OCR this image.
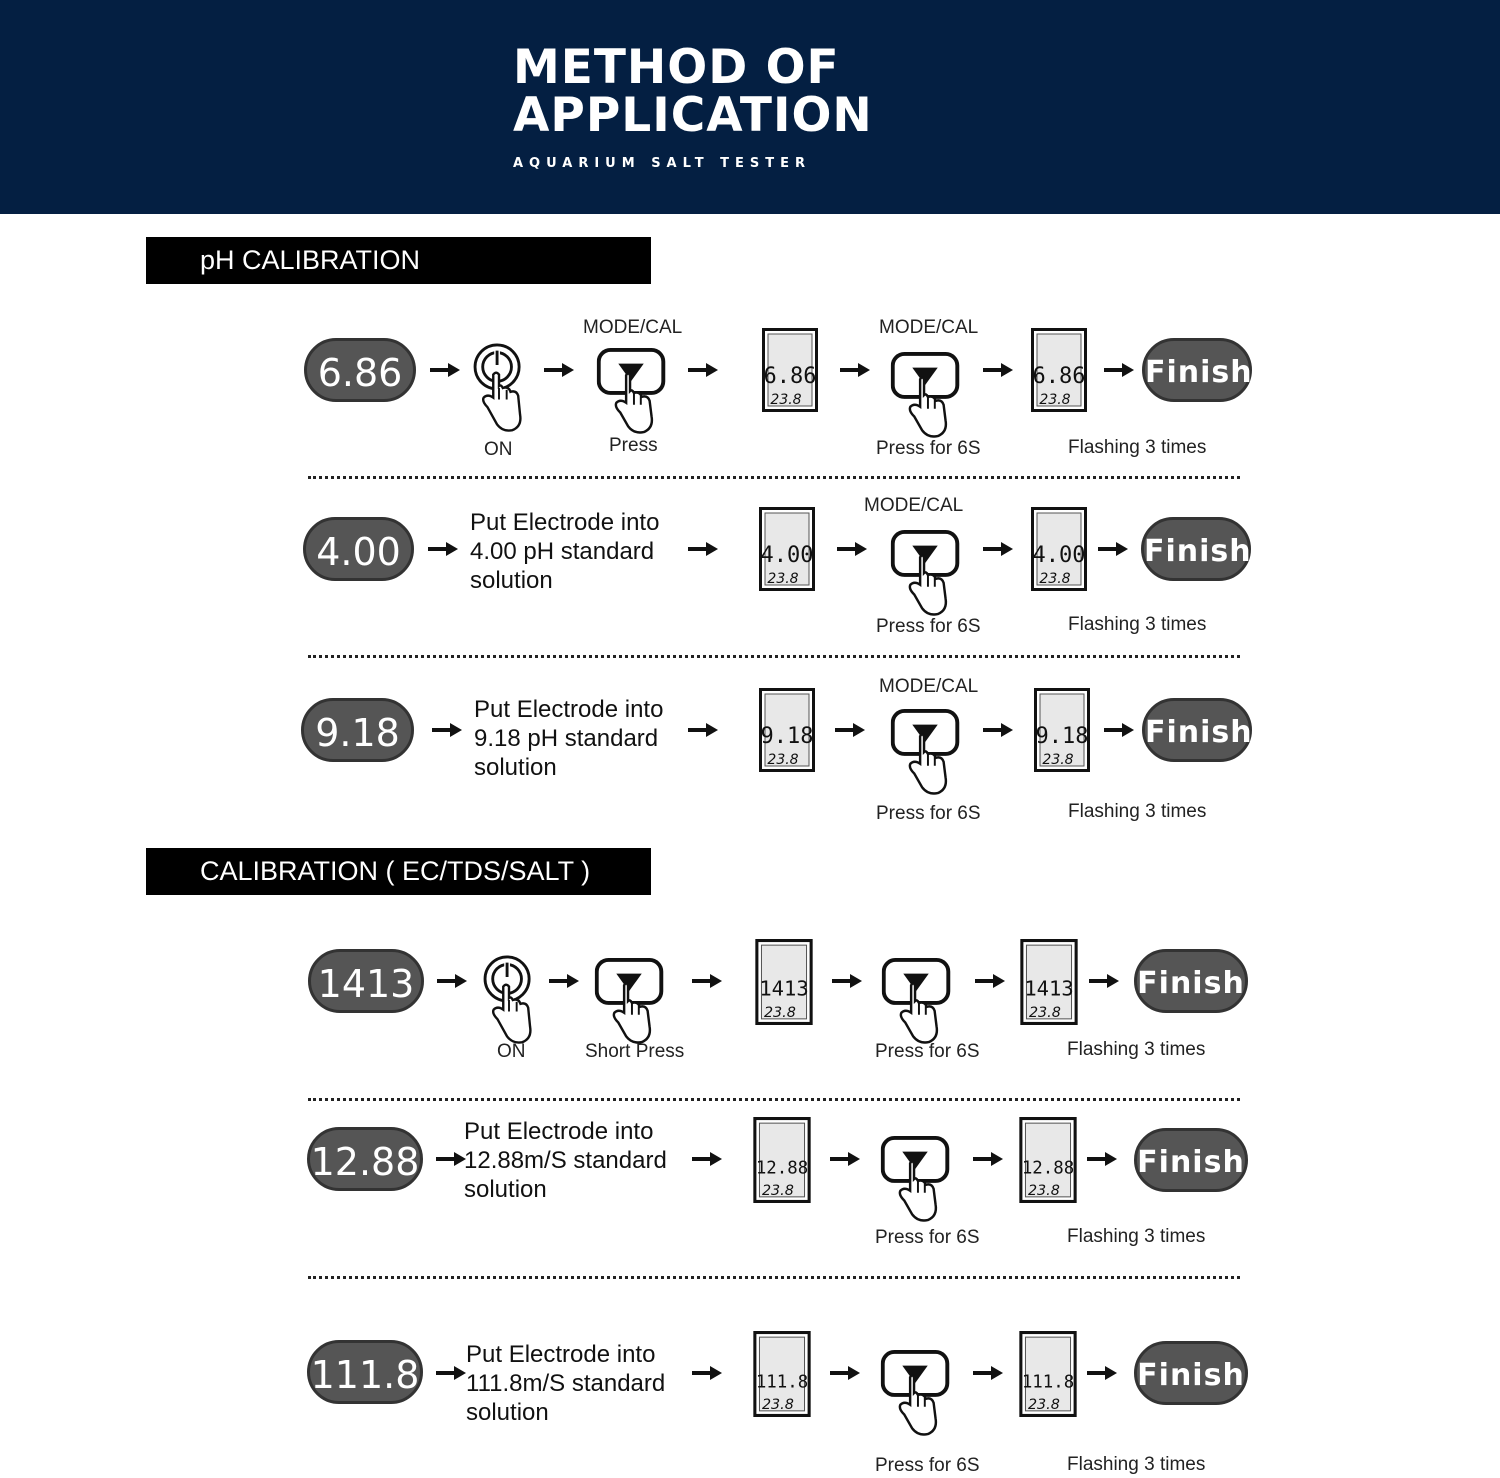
METHOD OF
APPLICATION
AQUARIUM SALT TESTER
pH CALIBRATION
6.86
ON
MODE/CAL
Press
6.86
23.8
MODE/CAL
Press for 6S
6.86
23.8
Finish
Flashing 3 times
4.00
Put Electrode into
4.00 pH standard
solution
4.00
23.8
MODE/CAL
Press for 6S
4.00
23.8
Finish
Flashing 3 times
9.18
Put Electrode into
9.18 pH standard
solution
9.18
23.8
MODE/CAL
Press for 6S
9.18
23.8
Finish
Flashing 3 times
CALIBRATION ( EC/TDS/SALT )
1413
ON	Short Press
1413
23.8
Press for 6S
1413
23.8
Finish
Flashing 3 times
12.88
Put Electrode into
12.88m/S standard
solution
12.88
23.8
Press for 6S
12.88
23.8
Finish
Flashing 3 times
111.8 Put Electrode into
111.8m/S standard
solution
111.8
23.8
Press for 6S
111.8
23.8
Finish
Flashing 3 times
